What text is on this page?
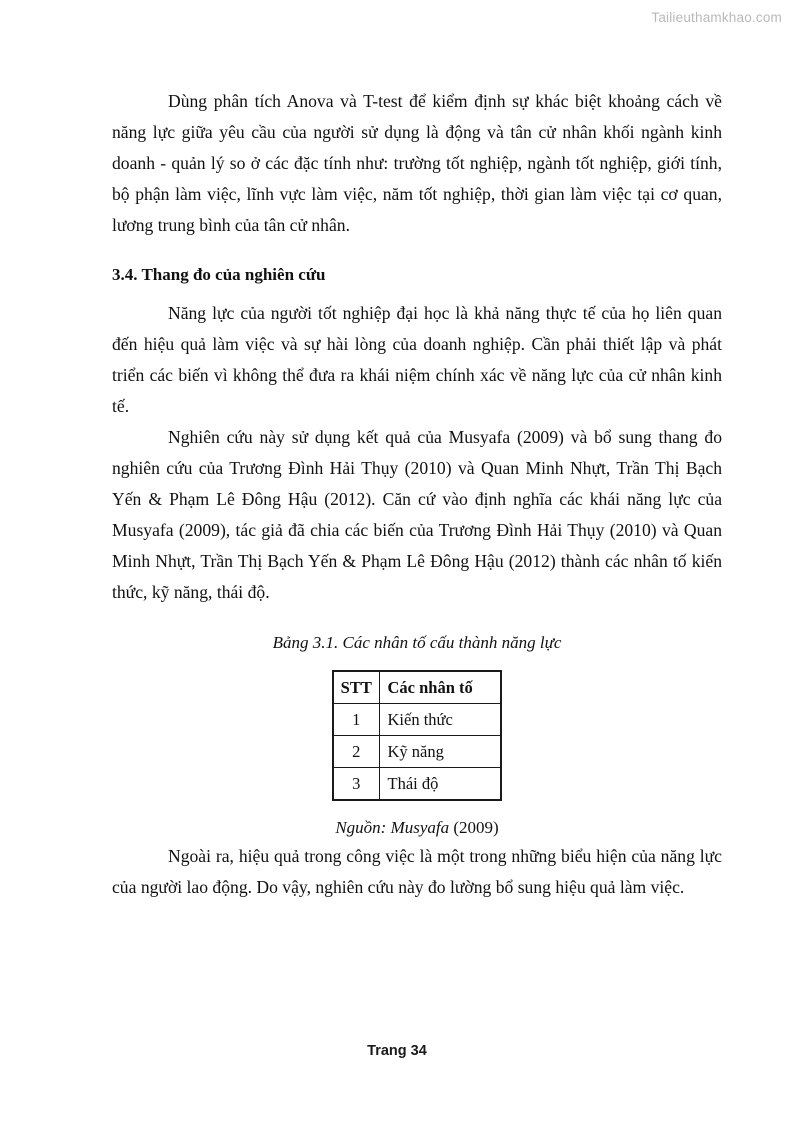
Tailieuthamkhao.com

Dùng phân tích Anova và T-test để kiểm định sự khác biệt khoảng cách về năng lực giữa yêu cầu của người sử dụng là động và tân cử nhân khối ngành kinh doanh - quản lý so ở các đặc tính như: trường tốt nghiệp, ngành tốt nghiệp, giới tính, bộ phận làm việc, lĩnh vực làm việc, năm tốt nghiệp, thời gian làm việc tại cơ quan, lương trung bình của tân cử nhân.

3.4. Thang đo của nghiên cứu

Năng lực của người tốt nghiệp đại học là khả năng thực tế của họ liên quan đến hiệu quả làm việc và sự hài lòng của doanh nghiệp. Cần phải thiết lập và phát triển các biến vì không thể đưa ra khái niệm chính xác về năng lực của cử nhân kinh tế.

Nghiên cứu này sử dụng kết quả của Musyafa (2009) và bổ sung thang đo nghiên cứu của Trương Đình Hải Thụy (2010) và Quan Minh Nhựt, Trần Thị Bạch Yến & Phạm Lê Đông Hậu (2012). Căn cứ vào định nghĩa các khái năng lực của Musyafa (2009), tác giả đã chia các biến của Trương Đình Hải Thụy (2010) và Quan Minh Nhựt, Trần Thị Bạch Yến & Phạm Lê Đông Hậu (2012) thành các nhân tố kiến thức, kỹ năng, thái độ.

Bảng 3.1. Các nhân tố cấu thành năng lực
STT	Các nhân tố
1	Kiến thức
2	Kỹ năng
3	Thái độ

Nguồn: Musyafa (2009)

Ngoài ra, hiệu quả trong công việc là một trong những biểu hiện của năng lực của người lao động. Do vậy, nghiên cứu này đo lường bổ sung hiệu quả làm việc.

Trang 34
